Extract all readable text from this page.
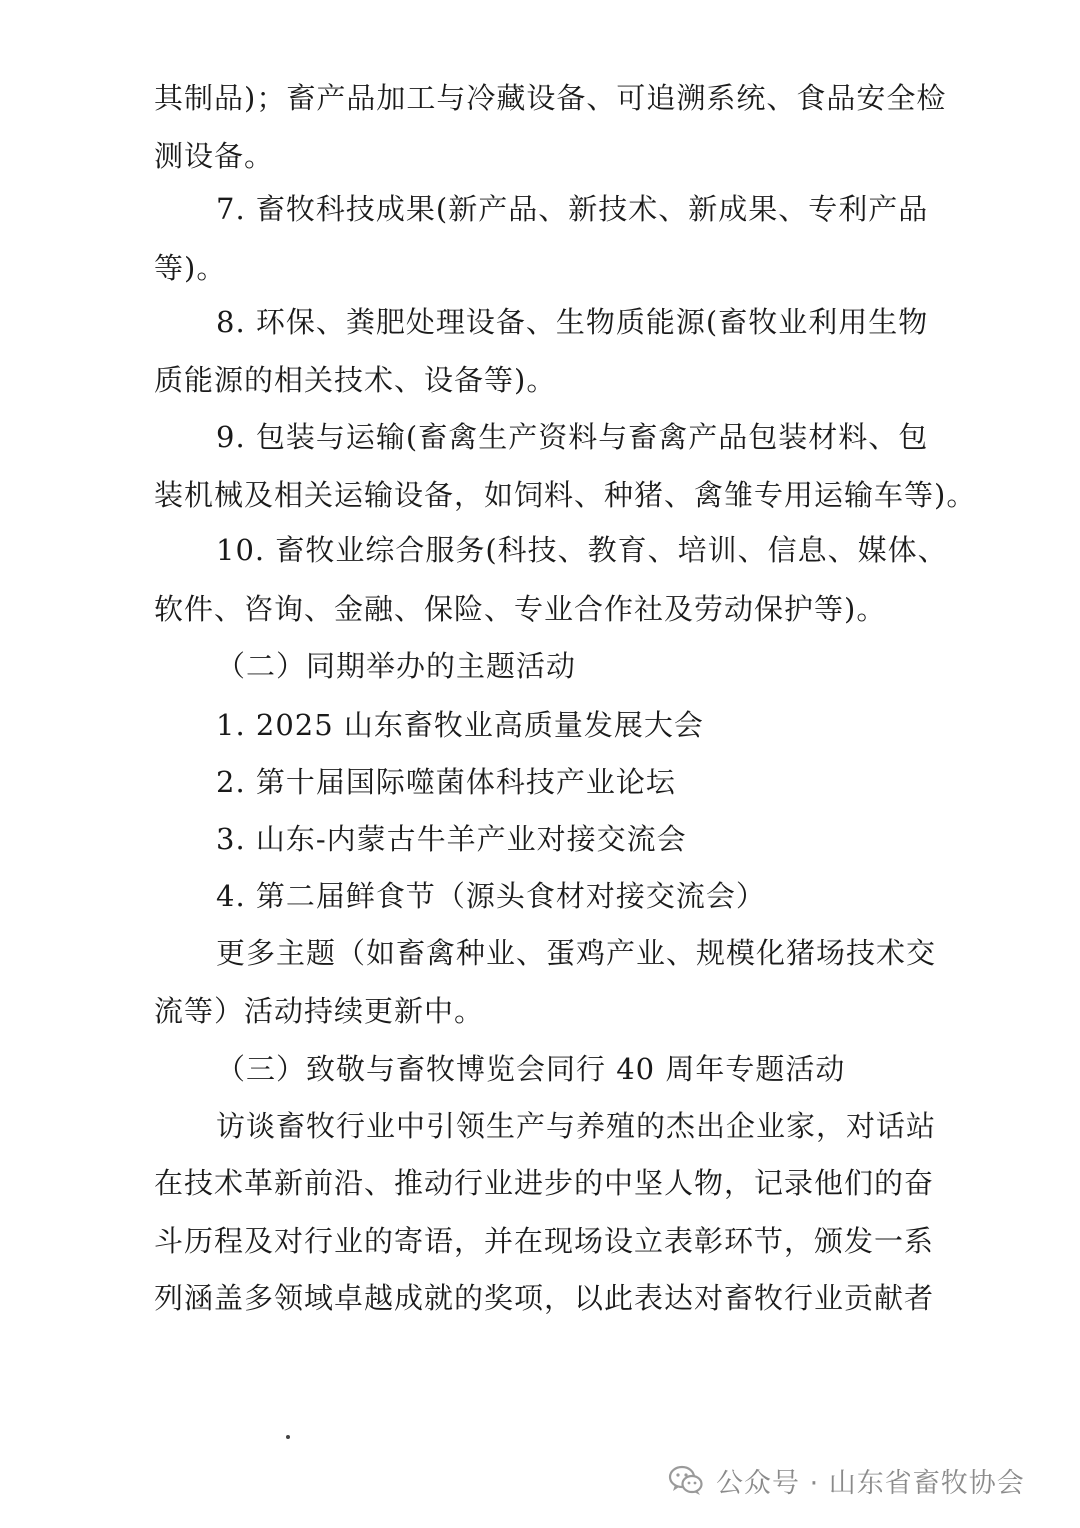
其制品)；畜产品加工与冷藏设备、可追溯系统、食品安全检
测设备。
7. 畜牧科技成果(新产品、新技术、新成果、专利产品
等)。
8. 环保、粪肥处理设备、生物质能源(畜牧业利用生物
质能源的相关技术、设备等)。
9. 包装与运输(畜禽生产资料与畜禽产品包装材料、包
装机械及相关运输设备，如饲料、种猪、禽雏专用运输车等)。
10. 畜牧业综合服务(科技、教育、培训、信息、媒体、
软件、咨询、金融、保险、专业合作社及劳动保护等)。
（二）同期举办的主题活动
1. 2025 山东畜牧业高质量发展大会
2. 第十届国际噬菌体科技产业论坛
3. 山东-内蒙古牛羊产业对接交流会
4. 第二届鲜食节（源头食材对接交流会）
更多主题（如畜禽种业、蛋鸡产业、规模化猪场技术交
流等）活动持续更新中。
（三）致敬与畜牧博览会同行 40 周年专题活动
访谈畜牧行业中引领生产与养殖的杰出企业家，对话站
在技术革新前沿、推动行业进步的中坚人物，记录他们的奋
斗历程及对行业的寄语，并在现场设立表彰环节，颁发一系
列涵盖多领域卓越成就的奖项，以此表达对畜牧行业贡献者
公众号 · 山东省畜牧协会
